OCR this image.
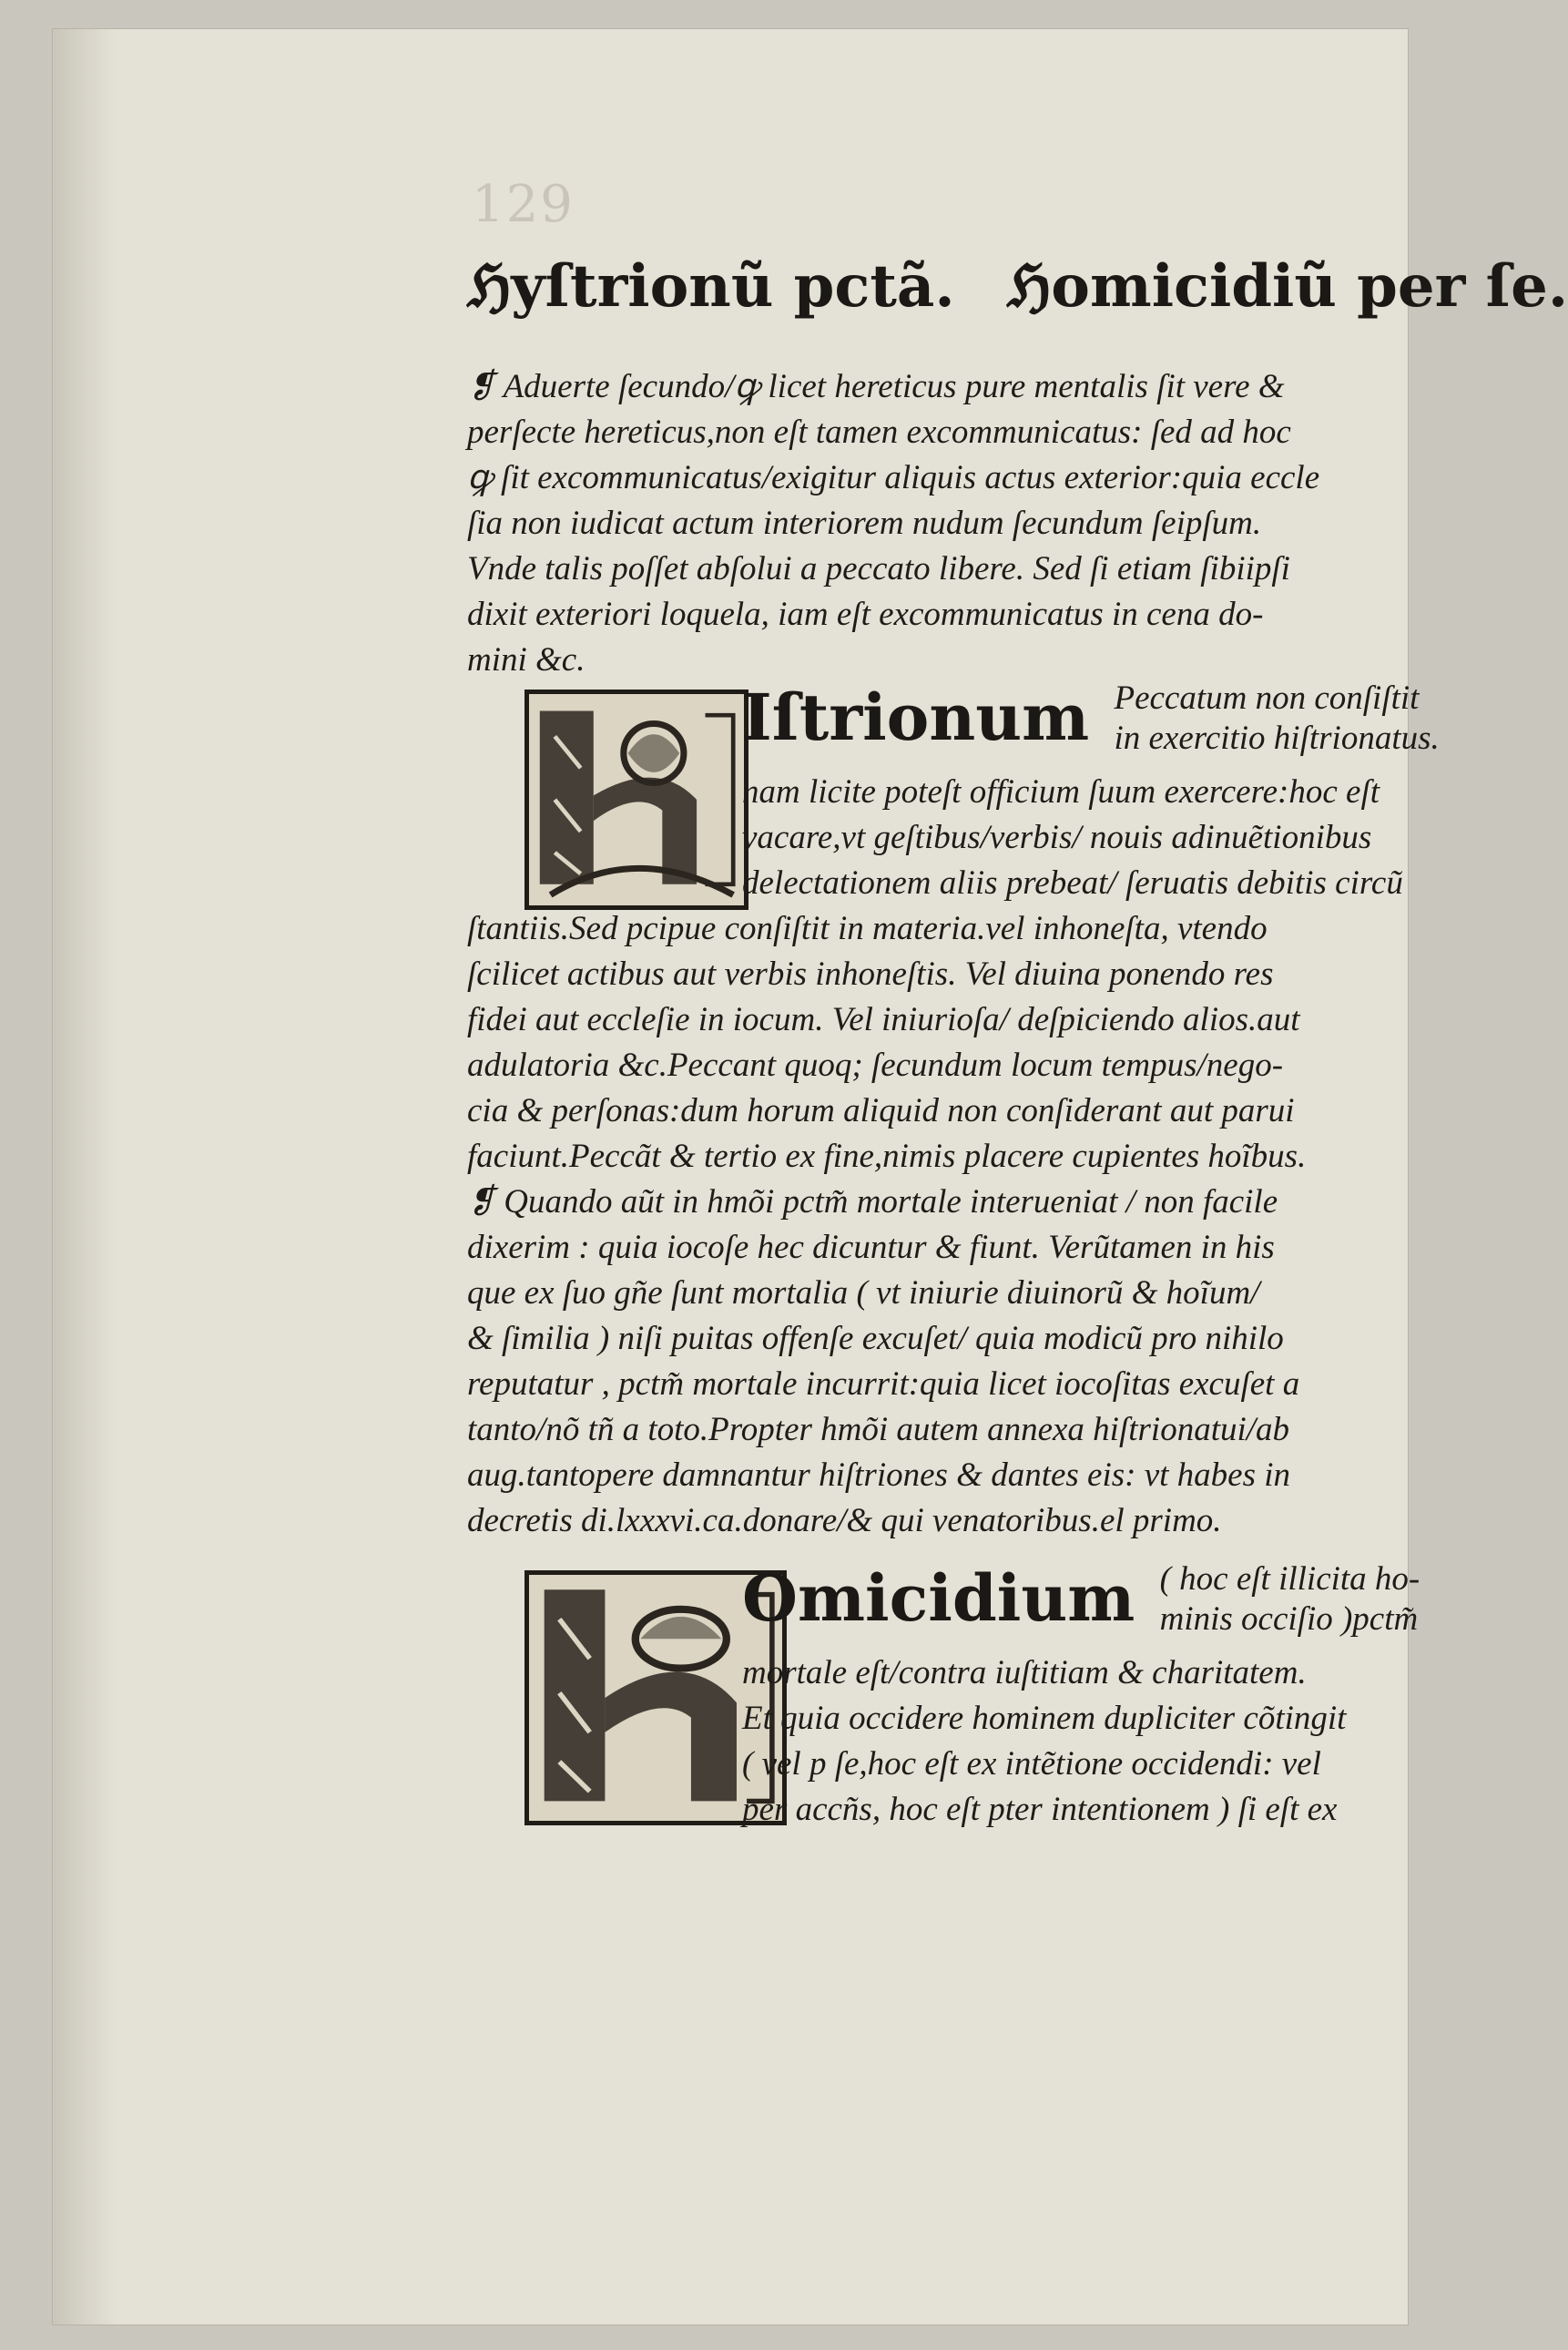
129
ℌyſtrionũ pctã. ℌomicidiũ per ſe.
❡ Aduerte ſecundo/ꝙ licet hereticus pure mentalis ſit vere &
perſecte hereticus,non eſt tamen excommunicatus: ſed ad hoc
ꝙ ſit excommunicatus/exigitur aliquis actus exterior:quia eccle
ſia non iudicat actum interiorem nudum ſecundum ſeipſum.
Vnde talis poſſet abſolui a peccato libere. Sed ſi etiam ſibiipſi
dixit exteriori loquela, iam eſt excommunicatus in cena do-
mini &c.
Iſtrionum Peccatum non conſiſtit
in exercitio hiſtrionatus.
nam licite poteſt officium ſuum exercere:hoc eſt
vacare,vt geſtibus/verbis/ nouis adinuẽtionibus
delectationem aliis prebeat/ ſeruatis debitis circũ
ſtantiis.Sed pcipue conſiſtit in materia.vel inhoneſta, vtendo
ſcilicet actibus aut verbis inhoneſtis. Vel diuina ponendo res
fidei aut eccleſie in iocum. Vel iniurioſa/ deſpiciendo alios.aut
adulatoria &c.Peccant quoq; ſecundum locum tempus/nego-
cia & perſonas:dum horum aliquid non conſiderant aut parui
faciunt.Peccãt & tertio ex fine,nimis placere cupientes hoĩbus.
❡ Quando aũt in hmõi pctm̃ mortale interueniat / non facile
dixerim : quia iocoſe hec dicuntur & fiunt. Verũtamen in his
que ex ſuo gñe ſunt mortalia ( vt iniurie diuinorũ & hoĩum/
& ſimilia ) niſi puitas offenſe excuſet/ quia modicũ pro nihilo
reputatur , pctm̃ mortale incurrit:quia licet iocoſitas excuſet a
tanto/nõ tñ a toto.Propter hmõi autem annexa hiſtrionatui/ab
aug.tantopere damnantur hiſtriones & dantes eis: vt habes in
decretis di.lxxxvi.ca.donare/& qui venatoribus.el primo.
Omicidium ( hoc eſt illicita ho-
minis occiſio )pctm̃
mortale eſt/contra iuſtitiam & charitatem.
Et quia occidere hominem dupliciter cõtingit
( vel p ſe,hoc eſt ex intẽtione occidendi: vel
per accñs, hoc eſt pter intentionem ) ſi eſt ex
